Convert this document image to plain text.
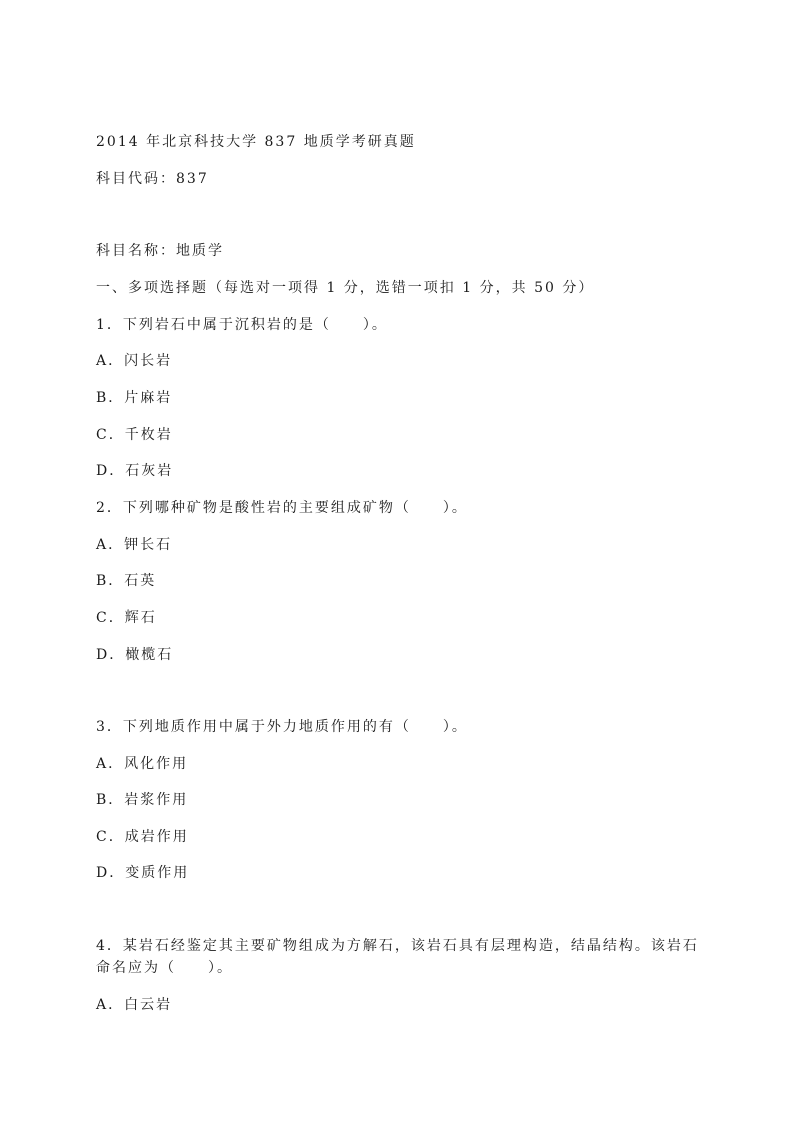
2014 年北京科技大学 837 地质学考研真题

科目代码：837

科目名称：地质学

一、多项选择题（每选对一项得 1 分，选错一项扣 1 分，共 50 分）

1．下列岩石中属于沉积岩的是（　　）。

A．闪长岩

B．片麻岩

C．千枚岩

D．石灰岩

2．下列哪种矿物是酸性岩的主要组成矿物（　　）。

A．钾长石

B．石英

C．辉石

D．橄榄石

3．下列地质作用中属于外力地质作用的有（　　）。

A．风化作用

B．岩浆作用

C．成岩作用

D．变质作用

4．某岩石经鉴定其主要矿物组成为方解石，该岩石具有层理构造，结晶结构。该岩石命名应为（　　）。

A．白云岩
